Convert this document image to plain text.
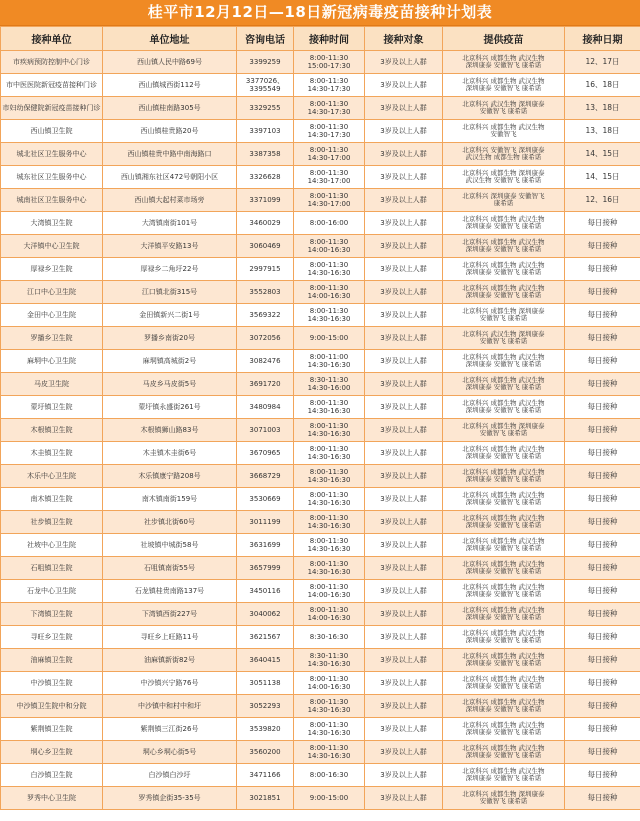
桂平市12月12日—18日新冠病毒疫苗接种计划表
接种单位	单位地址	咨询电话	接种时间	接种对象	提供疫苗	接种日期
市疾病预防控制中心门诊	西山镇人民中路69号	3399259	8:00-11:30
15:00-17:30	3岁及以上人群	北京科兴 成都生物 武汉生物
深圳康泰 安徽智飞 康希诺	12、17日
市中医医院新冠疫苗接种门诊	西山镇城西街112号	3377026、3395549	8:00-11:30
14:30-17:30	3岁及以上人群	北京科兴 成都生物 武汉生物
深圳康泰 安徽智飞 康希诺	16、18日
市妇幼保健院新冠疫苗接种门诊	西山镇桂南路305号	3329255	8:00-11:30
14:30-17:30	3岁及以上人群	北京科兴 武汉生物 深圳康泰
安徽智飞 康希诺	13、18日
西山镇卫生院	西山镇桂贵路20号	3397103	8:00-11:30
14:30-17:30	3岁及以上人群	北京科兴 成都生物 武汉生物
安徽智飞	13、18日
城北社区卫生服务中心	西山镇桂贵中路中南海路口	3387358	8:00-11:30
14:30-17:00	3岁及以上人群	北京科兴 安徽智飞 深圳康泰
武汉生物 成都生物 康希诺	14、15日
城东社区卫生服务中心	西山镇湘东社区472号朝阳小区	3326628	8:00-11:30
14:30-17:00	3岁及以上人群	北京科兴 成都生物 深圳康泰
武汉生物 安徽智飞 康希诺	14、15日
城南社区卫生服务中心	西山镇大起村菜市场旁	3371099	8:00-11:30
14:30-17:00	3岁及以上人群	北京科兴 深圳康泰 安徽智飞
康希诺	12、16日
大湾镇卫生院	大湾镇南街101号	3460029	8:00-16:00	3岁及以上人群	北京科兴 成都生物 武汉生物
深圳康泰 安徽智飞 康希诺	每日接种
大洋镇中心卫生院	大洋镇平安路13号	3060469	8:00-11:30
14:00-16:30	3岁及以上人群	北京科兴 成都生物 武汉生物
深圳康泰 安徽智飞 康希诺	每日接种
厚禄乡卫生院	厚禄乡二角圩22号	2997915	8:00-11:30
14:30-16:30	3岁及以上人群	北京科兴 成都生物 武汉生物
深圳康泰 安徽智飞 康希诺	每日接种
江口中心卫生院	江口镇北街315号	3552803	8:00-11:30
14:00-16:30	3岁及以上人群	北京科兴 成都生物 武汉生物
深圳康泰 安徽智飞 康希诺	每日接种
金田中心卫生院	金田镇新兴二街1号	3569322	8:00-11:30
14:30-16:30	3岁及以上人群	北京科兴 成都生物 深圳康泰
安徽智飞 康希诺	每日接种
罗播乡卫生院	罗播乡南街20号	3072056	9:00-15:00	3岁及以上人群	北京科兴 武汉生物 深圳康泰
安徽智飞 康希诺	每日接种
麻垌中心卫生院	麻垌镇高城街2号	3082476	8:00-11:00
14:30-16:30	3岁及以上人群	北京科兴 成都生物 武汉生物
深圳康泰 安徽智飞 康希诺	每日接种
马皮卫生院	马皮乡马皮街5号	3691720	8:30-11:30
14:30-16:00	3岁及以上人群	北京科兴 成都生物 武汉生物
深圳康泰 安徽智飞 康希诺	每日接种
蒙圩镇卫生院	蒙圩镇永盛街261号	3480984	8:00-11:30
14:30-16:30	3岁及以上人群	北京科兴 成都生物 武汉生物
深圳康泰 安徽智飞 康希诺	每日接种
木根镇卫生院	木根镇狮山路83号	3071003	8:00-11:30
14:30-16:30	3岁及以上人群	北京科兴 成都生物 深圳康泰
安徽智飞 康希诺	每日接种
木圭镇卫生院	木圭镇木圭街6号	3670965	8:00-11:30
14:30-16:30	3岁及以上人群	北京科兴 成都生物 武汉生物
深圳康泰 安徽智飞 康希诺	每日接种
木乐中心卫生院	木乐镇康宁路208号	3668729	8:00-11:30
14:30-16:30	3岁及以上人群	北京科兴 成都生物 武汉生物
深圳康泰 安徽智飞 康希诺	每日接种
南木镇卫生院	南木镇南街159号	3530669	8:00-11:30
14:30-16:30	3岁及以上人群	北京科兴 成都生物 武汉生物
深圳康泰 安徽智飞 康希诺	每日接种
社步镇卫生院	社步镇北街60号	3011199	8:00-11:30
14:30-16:30	3岁及以上人群	北京科兴 成都生物 武汉生物
深圳康泰 安徽智飞 康希诺	每日接种
社坡中心卫生院	社坡镇中城街58号	3631699	8:00-11:30
14:30-16:30	3岁及以上人群	北京科兴 成都生物 武汉生物
深圳康泰 安徽智飞 康希诺	每日接种
石咀镇卫生院	石咀镇南街55号	3657999	8:00-11:30
14:30-16:30	3岁及以上人群	北京科兴 成都生物 武汉生物
深圳康泰 安徽智飞 康希诺	每日接种
石龙中心卫生院	石龙镇桂贵南路137号	3450116	8:00-11:30
14:00-16:30	3岁及以上人群	北京科兴 成都生物 武汉生物
深圳康泰 安徽智飞 康希诺	每日接种
下湾镇卫生院	下湾镇西街227号	3040062	8:00-11:30
14:00-16:30	3岁及以上人群	北京科兴 成都生物 武汉生物
深圳康泰 安徽智飞 康希诺	每日接种
寻旺乡卫生院	寻旺乡上旺路11号	3621567	8:30-16:30	3岁及以上人群	北京科兴 成都生物 武汉生物
深圳康泰 安徽智飞 康希诺	每日接种
油麻镇卫生院	油麻镇新街82号	3640415	8:30-11:30
14:30-16:30	3岁及以上人群	北京科兴 成都生物 武汉生物
深圳康泰 安徽智飞 康希诺	每日接种
中沙镇卫生院	中沙镇兴宁路76号	3051138	8:00-11:30
14:00-16:30	3岁及以上人群	北京科兴 成都生物 武汉生物
深圳康泰 安徽智飞 康希诺	每日接种
中沙镇卫生院中和分院	中沙镇中和村中和圩	3052293	8:00-11:30
14:30-16:30	3岁及以上人群	北京科兴 成都生物 武汉生物
深圳康泰 安徽智飞 康希诺	每日接种
紫荆镇卫生院	紫荆镇三江街26号	3539820	8:00-11:30
14:30-16:30	3岁及以上人群	北京科兴 成都生物 武汉生物
深圳康泰 安徽智飞 康希诺	每日接种
垌心乡卫生院	垌心乡垌心街5号	3560200	8:00-11:30
14:30-16:30	3岁及以上人群	北京科兴 成都生物 武汉生物
深圳康泰 安徽智飞 康希诺	每日接种
白沙镇卫生院	白沙镇白沙圩	3471166	8:00-16:30	3岁及以上人群	北京科兴 成都生物 武汉生物
深圳康泰 安徽智飞 康希诺	每日接种
罗秀中心卫生院	罗秀镇企街35-35号	3021851	9:00-15:00	3岁及以上人群	北京科兴 成都生物 深圳康泰
安徽智飞 康希诺	每日接种
